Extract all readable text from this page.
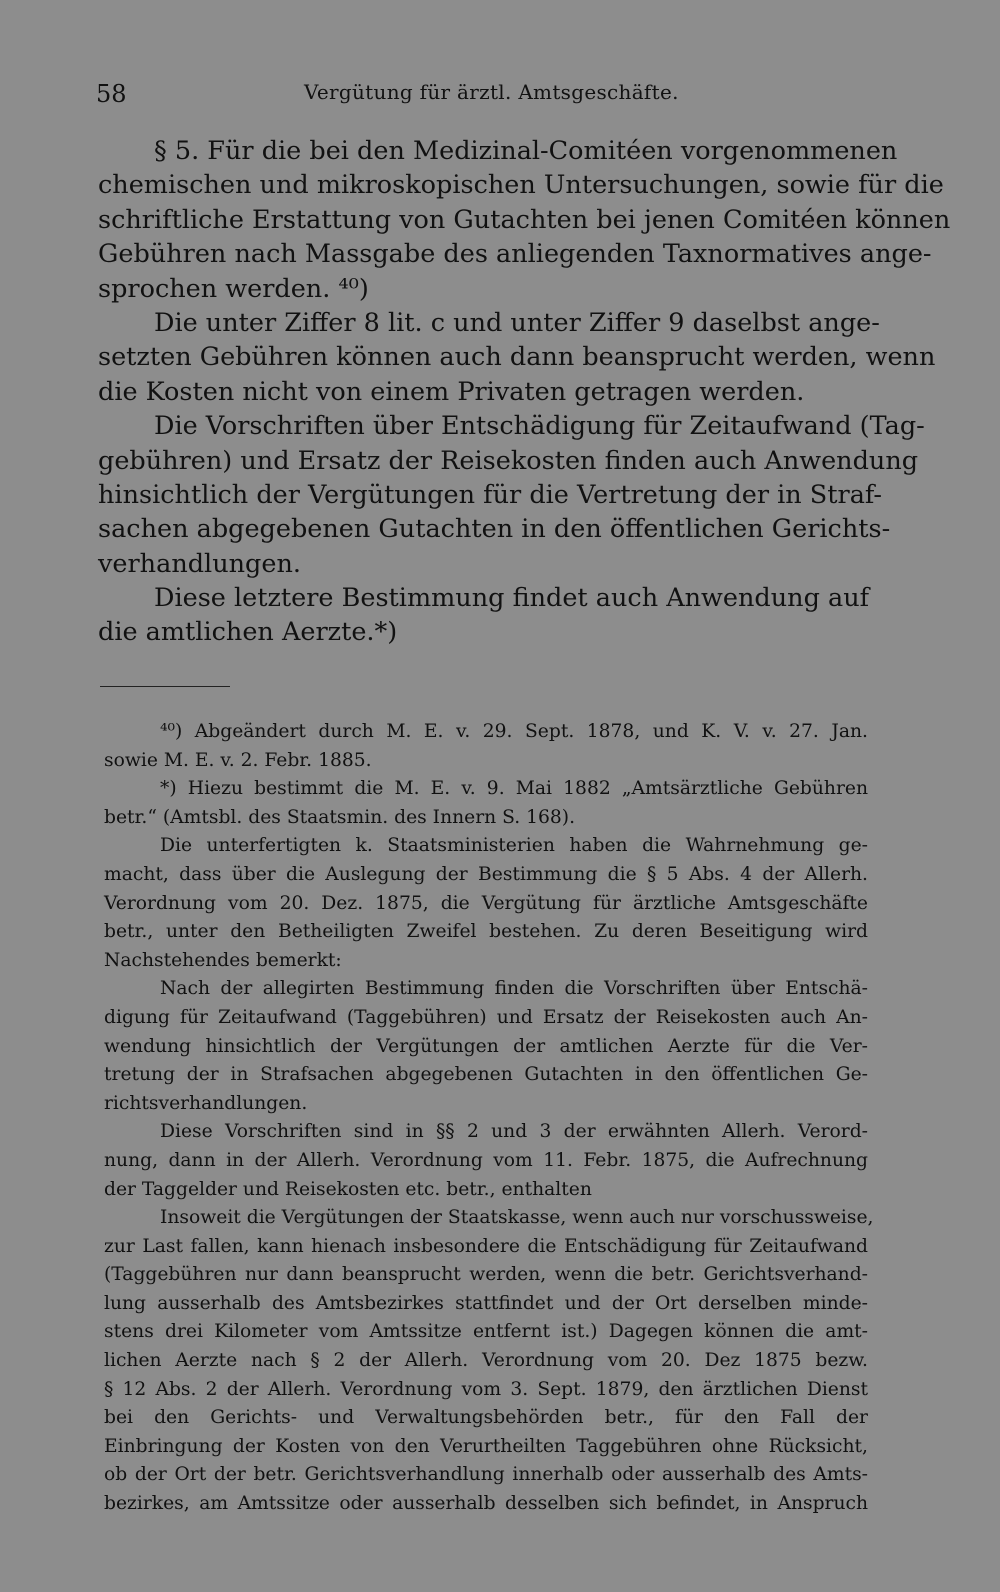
58	Vergütung für ärztl. Amtsgeschäfte.
§ 5. Für die bei den Medizinal-Comitéen vorgenommenen
chemischen und mikroskopischen Untersuchungen, sowie für die
schriftliche Erstattung von Gutachten bei jenen Comitéen können
Gebühren nach Massgabe des anliegenden Taxnormatives ange-
sprochen werden. ⁴⁰)
Die unter Ziffer 8 lit. c und unter Ziffer 9 daselbst ange-
setzten Gebühren können auch dann beansprucht werden, wenn
die Kosten nicht von einem Privaten getragen werden.
Die Vorschriften über Entschädigung für Zeitaufwand (Tag-
gebühren) und Ersatz der Reisekosten finden auch Anwendung
hinsichtlich der Vergütungen für die Vertretung der in Straf-
sachen abgegebenen Gutachten in den öffentlichen Gerichts-
verhandlungen.
Diese letztere Bestimmung findet auch Anwendung auf
die amtlichen Aerzte.*)
⁴⁰) Abgeändert durch M. E. v. 29. Sept. 1878, und K. V. v. 27. Jan.
sowie M. E. v. 2. Febr. 1885.
*) Hiezu bestimmt die M. E. v. 9. Mai 1882 „Amtsärztliche Gebühren
betr.“ (Amtsbl. des Staatsmin. des Innern S. 168).
Die unterfertigten k. Staatsministerien haben die Wahrnehmung ge-
macht, dass über die Auslegung der Bestimmung die § 5 Abs. 4 der Allerh.
Verordnung vom 20. Dez. 1875, die Vergütung für ärztliche Amtsgeschäfte
betr., unter den Betheiligten Zweifel bestehen. Zu deren Beseitigung wird
Nachstehendes bemerkt:
Nach der allegirten Bestimmung finden die Vorschriften über Entschä-
digung für Zeitaufwand (Taggebühren) und Ersatz der Reisekosten auch An-
wendung hinsichtlich der Vergütungen der amtlichen Aerzte für die Ver-
tretung der in Strafsachen abgegebenen Gutachten in den öffentlichen Ge-
richtsverhandlungen.
Diese Vorschriften sind in §§ 2 und 3 der erwähnten Allerh. Verord-
nung, dann in der Allerh. Verordnung vom 11. Febr. 1875, die Aufrechnung
der Taggelder und Reisekosten etc. betr., enthalten
Insoweit die Vergütungen der Staatskasse, wenn auch nur vorschussweise,
zur Last fallen, kann hienach insbesondere die Entschädigung für Zeitaufwand
(Taggebühren nur dann beansprucht werden, wenn die betr. Gerichtsverhand-
lung ausserhalb des Amtsbezirkes stattfindet und der Ort derselben minde-
stens drei Kilometer vom Amtssitze entfernt ist.) Dagegen können die amt-
lichen Aerzte nach § 2 der Allerh. Verordnung vom 20. Dez 1875 bezw.
§ 12 Abs. 2 der Allerh. Verordnung vom 3. Sept. 1879, den ärztlichen Dienst
bei den Gerichts- und Verwaltungsbehörden betr., für den Fall der
Einbringung der Kosten von den Verurtheilten Taggebühren ohne Rücksicht,
ob der Ort der betr. Gerichtsverhandlung innerhalb oder ausserhalb des Amts-
bezirkes, am Amtssitze oder ausserhalb desselben sich befindet, in Anspruch
